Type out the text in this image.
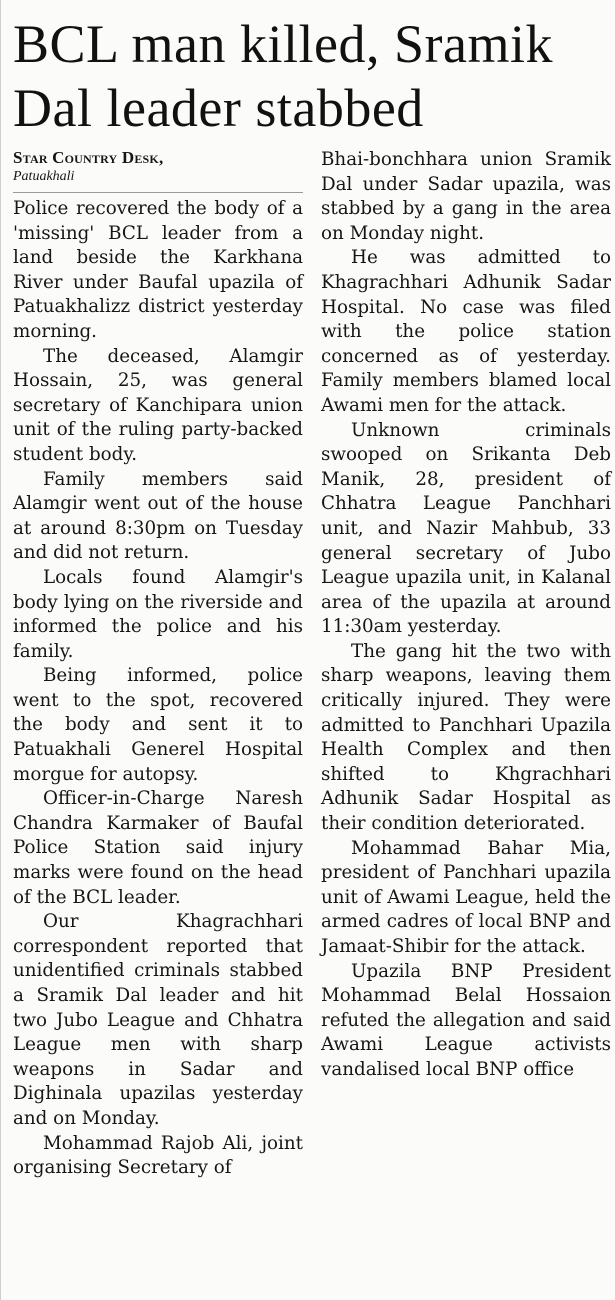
BCL man killed, Sramik Dal leader stabbed

Star Country Desk,
Patuakhali

Police recovered the body of a 'missing' BCL leader from a land beside the Karkhana River under Baufal upazila of Patuakhalizz district yesterday morning.

The deceased, Alamgir Hossain, 25, was general secretary of Kanchipara union unit of the ruling party-backed student body.

Family members said Alamgir went out of the house at around 8:30pm on Tuesday and did not return.

Locals found Alamgir's body lying on the riverside and informed the police and his family.

Being informed, police went to the spot, recovered the body and sent it to Patuakhali Generel Hospital morgue for autopsy.

Officer-in-Charge Naresh Chandra Karmaker of Baufal Police Station said injury marks were found on the head of the BCL leader.

Our Khagrachhari correspondent reported that unidentified criminals stabbed a Sramik Dal leader and hit two Jubo League and Chhatra League men with sharp weapons in Sadar and Dighinala upazilas yesterday and on Monday.

Mohammad Rajob Ali, joint organising Secretary of

Bhai-bonchhara union Sramik Dal under Sadar upazila, was stabbed by a gang in the area on Monday night.

He was admitted to Khagrachhari Adhunik Sadar Hospital. No case was filed with the police station concerned as of yesterday. Family members blamed local Awami men for the attack.

Unknown criminals swooped on Srikanta Deb Manik, 28, president of Chhatra League Panchhari unit, and Nazir Mahbub, 33 general secretary of Jubo League upazila unit, in Kalanal area of the upazila at around 11:30am yesterday.

The gang hit the two with sharp weapons, leaving them critically injured. They were admitted to Panchhari Upazila Health Complex and then shifted to Khgrachhari Adhunik Sadar Hospital as their condition deteriorated.

Mohammad Bahar Mia, president of Panchhari upazila unit of Awami League, held the armed cadres of local BNP and Jamaat-Shibir for the attack.

Upazila BNP President Mohammad Belal Hossaion refuted the allegation and said Awami League activists vandalised local BNP office
